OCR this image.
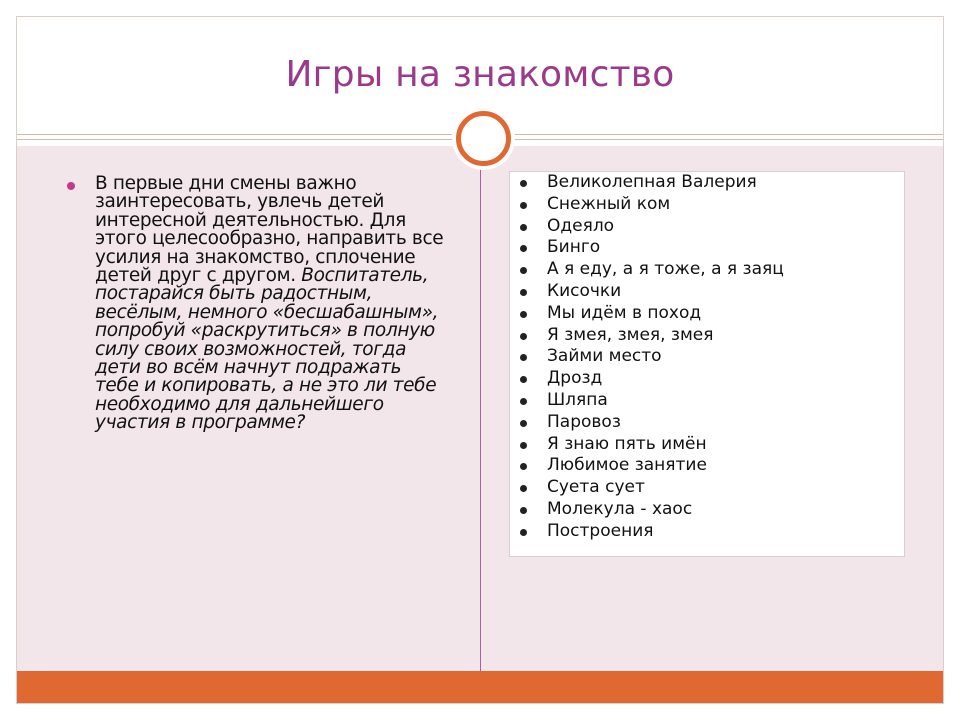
Игры на знакомство

В первые дни смены важно заинтересовать, увлечь детей интересной деятельностью. Для этого целесообразно, направить все усилия на знакомство, сплочение детей друг с другом. Воспитатель, постарайся быть радостным, весёлым, немного «бесшабашным», попробуй «раскрутиться» в полную силу своих возможностей, тогда дети во всём начнут подражать тебе и копировать, а не это ли тебе необходимо для дальнейшего участия в программе?

Великолепная Валерия
Снежный ком
Одеяло
Бинго
А я еду, а я тоже, а я заяц
Кисочки
Мы идём в поход
Я змея, змея, змея
Займи место
Дрозд
Шляпа
Паровоз
Я знаю пять имён
Любимое занятие
Суета сует
Молекула - хаос
Построения
